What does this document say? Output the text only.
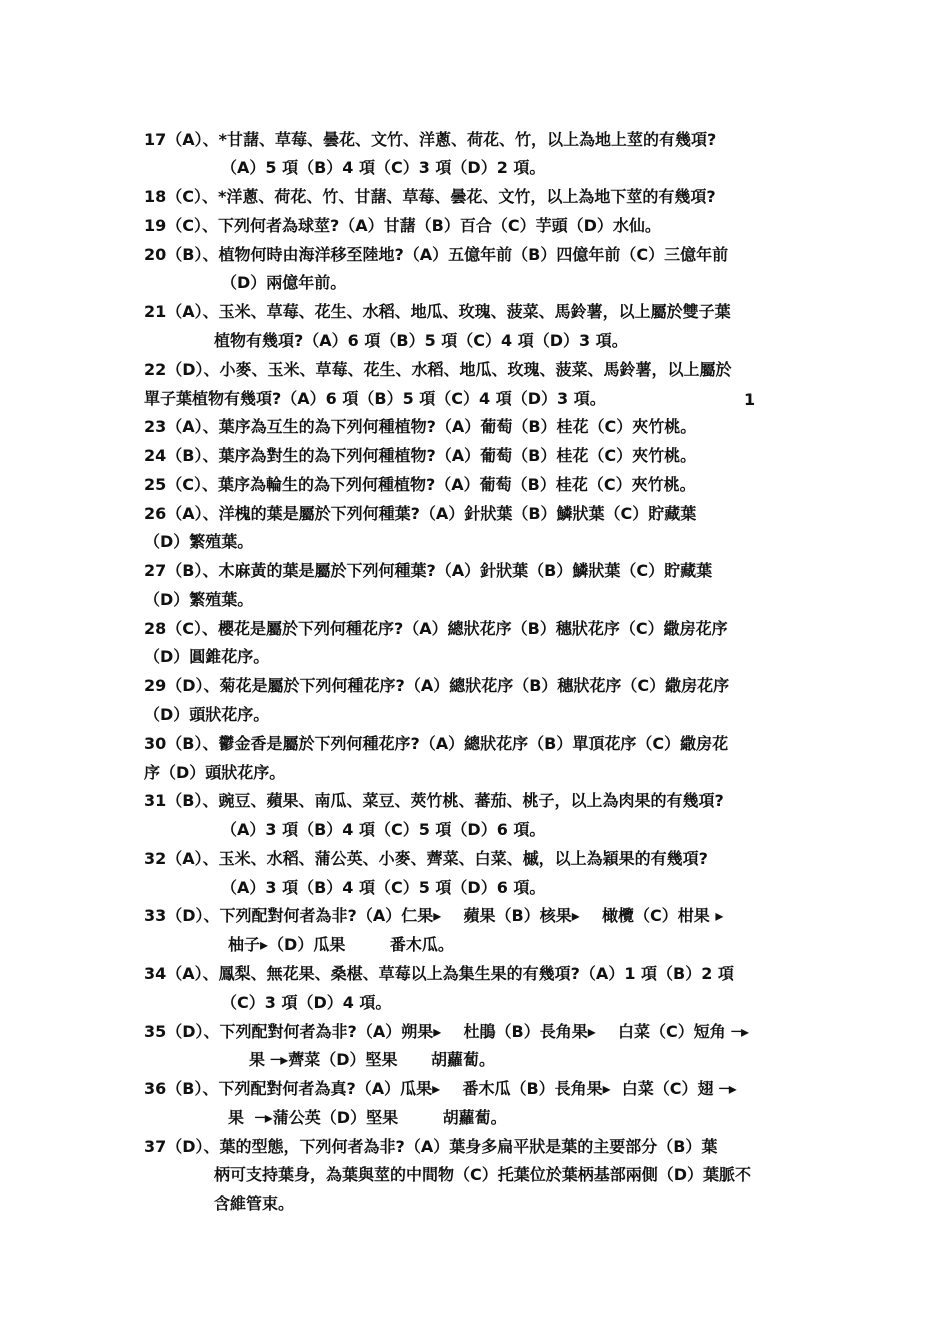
17（A）、*甘藷、草莓、曇花、文竹、洋蔥、荷花、竹，以上為地上莖的有幾項?
（A）5 項（B）4 項（C）3 項（D）2 項。
18（C）、*洋蔥、荷花、竹、甘藷、草莓、曇花、文竹，以上為地下莖的有幾項?
19（C）、下列何者為球莖?（A）甘藷（B）百合（C）芋頭（D）水仙。
20（B）、植物何時由海洋移至陸地?（A）五億年前（B）四億年前（C）三億年前
（D）兩億年前。
21（A）、玉米、草莓、花生、水稻、地瓜、玫瑰、菠菜、馬鈴薯，以上屬於雙子葉
植物有幾項?（A）6 項（B）5 項（C）4 項（D）3 項。
22（D）、小麥、玉米、草莓、花生、水稻、地瓜、玫瑰、菠菜、馬鈴薯，以上屬於
單子葉植物有幾項?（A）6 項（B）5 項（C）4 項（D）3 項。	1
23（A）、葉序為互生的為下列何種植物?（A）葡萄（B）桂花（C）夾竹桃。
24（B）、葉序為對生的為下列何種植物?（A）葡萄（B）桂花（C）夾竹桃。
25（C）、葉序為輪生的為下列何種植物?（A）葡萄（B）桂花（C）夾竹桃。
26（A）、洋槐的葉是屬於下列何種葉?（A）針狀葉（B）鱗狀葉（C）貯藏葉
（D）繁殖葉。
27（B）、木麻黃的葉是屬於下列何種葉?（A）針狀葉（B）鱗狀葉（C）貯藏葉
（D）繁殖葉。
28（C）、櫻花是屬於下列何種花序?（A）總狀花序（B）穗狀花序（C）繖房花序
（D）圓錐花序。
29（D）、菊花是屬於下列何種花序?（A）總狀花序（B）穗狀花序（C）繖房花序
（D）頭狀花序。
30（B）、鬱金香是屬於下列何種花序?（A）總狀花序（B）單頂花序（C）繖房花
序（D）頭狀花序。
31（B）、豌豆、蘋果、南瓜、菜豆、莢竹桃、蕃茄、桃子，以上為肉果的有幾項?
（A）3 項（B）4 項（C）5 項（D）6 項。
32（A）、玉米、水稻、蒲公英、小麥、薺菜、白菜、槭，以上為穎果的有幾項?
（A）3 項（B）4 項（C）5 項（D）6 項。
33（D）、下列配對何者為非?（A）仁果▸    蘋果（B）核果▸    橄欖（C）柑果 ▸
柚子▸（D）瓜果        番木瓜。
34（A）、鳳梨、無花果、桑椹、草莓以上為集生果的有幾項?（A）1 項（B）2 項
（C）3 項（D）4 項。
35（D）、下列配對何者為非?（A）朔果▸    杜鵑（B）長角果▸    白菜（C）短角 ─▸
果 ─▸薺菜（D）堅果      胡蘿蔔。
36（B）、下列配對何者為真?（A）瓜果▸    番木瓜（B）長角果▸  白菜（C）翅 ─▸
果  ─▸蒲公英（D）堅果        胡蘿蔔。
37（D）、葉的型態，下列何者為非?（A）葉身多扁平狀是葉的主要部分（B）葉
柄可支持葉身，為葉與莖的中間物（C）托葉位於葉柄基部兩側（D）葉脈不
含維管束。
